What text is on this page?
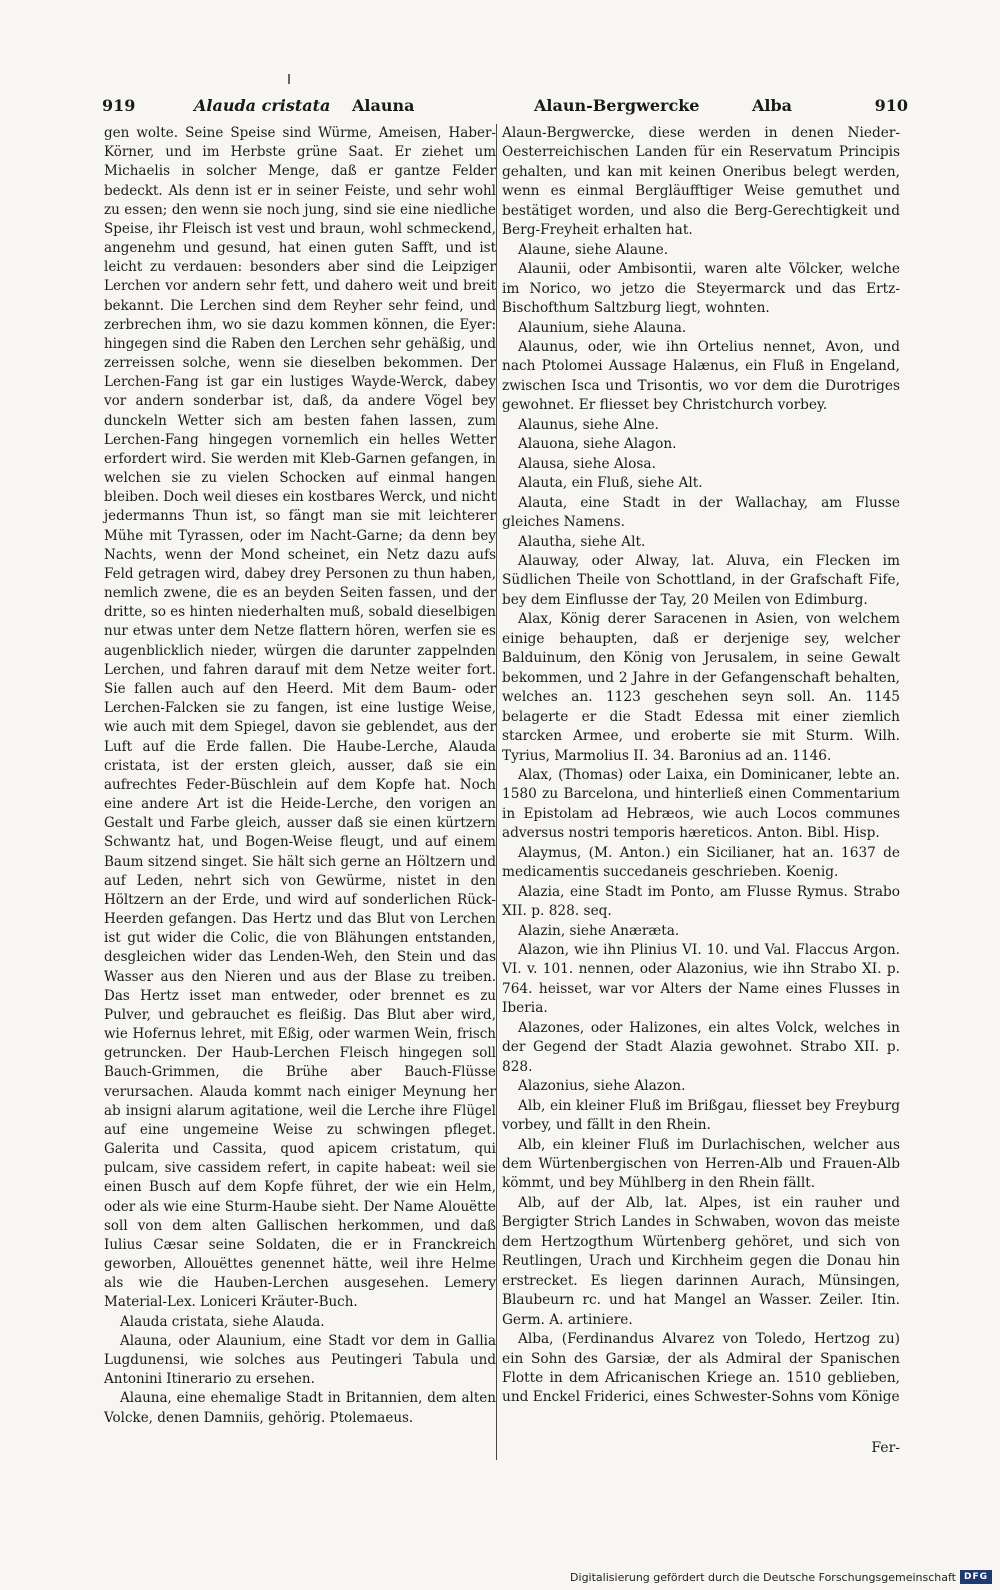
919	Alauda cristata Alauna	Alaun-Bergwercke	Alba	910

gen wolte. Seine Speise sind Würme, Ameisen, Haber-Körner, und im Herbste grüne Saat. Er ziehet um Michaelis in solcher Menge, daß er gantze Felder bedeckt. Als denn ist er in seiner Feiste, und sehr wohl zu essen; den wenn sie noch jung, sind sie eine niedliche Speise, ihr Fleisch ist vest und braun, wohl schmeckend, angenehm und gesund, hat einen guten Safft, und ist leicht zu verdauen: besonders aber sind die Leipziger Lerchen vor andern sehr fett, und dahero weit und breit bekannt. Die Lerchen sind dem Reyher sehr feind, und zerbrechen ihm, wo sie dazu kommen können, die Eyer: hingegen sind die Raben den Lerchen sehr gehäßig, und zerreissen solche, wenn sie dieselben bekommen. Der Lerchen-Fang ist gar ein lustiges Wayde-Werck, dabey vor andern sonderbar ist, daß, da andere Vögel bey dunckeln Wetter sich am besten fahen lassen, zum Lerchen-Fang hingegen vornemlich ein helles Wetter erfordert wird. Sie werden mit Kleb-Garnen gefangen, in welchen sie zu vielen Schocken auf einmal hangen bleiben. Doch weil dieses ein kostbares Werck, und nicht jedermanns Thun ist, so fängt man sie mit leichterer Mühe mit Tyrassen, oder im Nacht-Garne; da denn bey Nachts, wenn der Mond scheinet, ein Netz dazu aufs Feld getragen wird, dabey drey Personen zu thun haben, nemlich zwene, die es an beyden Seiten fassen, und der dritte, so es hinten niederhalten muß, sobald dieselbigen nur etwas unter dem Netze flattern hören, werfen sie es augenblicklich nieder, würgen die darunter zappelnden Lerchen, und fahren darauf mit dem Netze weiter fort. Sie fallen auch auf den Heerd. Mit dem Baum- oder Lerchen-Falcken sie zu fangen, ist eine lustige Weise, wie auch mit dem Spiegel, davon sie geblendet, aus der Luft auf die Erde fallen. Die Haube-Lerche, Alauda cristata, ist der ersten gleich, ausser, daß sie ein aufrechtes Feder-Büschlein auf dem Kopfe hat. Noch eine andere Art ist die Heide-Lerche, den vorigen an Gestalt und Farbe gleich, ausser daß sie einen kürtzern Schwantz hat, und Bogen-Weise fleugt, und auf einem Baum sitzend singet. Sie hält sich gerne an Höltzern und auf Leden, nehrt sich von Gewürme, nistet in den Höltzern an der Erde, und wird auf sonderlichen Rück-Heerden gefangen. Das Hertz und das Blut von Lerchen ist gut wider die Colic, die von Blähungen entstanden, desgleichen wider das Lenden-Weh, den Stein und das Wasser aus den Nieren und aus der Blase zu treiben. Das Hertz isset man entweder, oder brennet es zu Pulver, und gebrauchet es fleißig. Das Blut aber wird, wie Hofernus lehret, mit Eßig, oder warmen Wein, frisch getruncken. Der Haub-Lerchen Fleisch hingegen soll Bauch-Grimmen, die Brühe aber Bauch-Flüsse verursachen. Alauda kommt nach einiger Meynung her ab insigni alarum agitatione, weil die Lerche ihre Flügel auf eine ungemeine Weise zu schwingen pfleget. Galerita und Cassita, quod apicem cristatum, qui pulcam, sive cassidem refert, in capite habeat: weil sie einen Busch auf dem Kopfe führet, der wie ein Helm, oder als wie eine Sturm-Haube sieht. Der Name Alouëtte soll von dem alten Gallischen herkommen, und daß Iulius Cæsar seine Soldaten, die er in Franckreich geworben, Allouëttes genennet hätte, weil ihre Helme als wie die Hauben-Lerchen ausgesehen. Lemery Material-Lex. Loniceri Kräuter-Buch.

Alauda cristata, siehe Alauda.

Alauna, oder Alaunium, eine Stadt vor dem in Gallia Lugdunensi, wie solches aus Peutingeri Tabula und Antonini Itinerario zu ersehen.

Alauna, eine ehemalige Stadt in Britannien, dem alten Volcke, denen Damniis, gehörig. Ptolemaeus.

Alaun-Bergwercke, diese werden in denen Nieder-Oesterreichischen Landen für ein Reservatum Principis gehalten, und kan mit keinen Oneribus belegt werden, wenn es einmal Bergläufftiger Weise gemuthet und bestätiget worden, und also die Berg-Gerechtigkeit und Berg-Freyheit erhalten hat.

Alaune, siehe Alaune.

Alaunii, oder Ambisontii, waren alte Völcker, welche im Norico, wo jetzo die Steyermarck und das Ertz-Bischofthum Saltzburg liegt, wohnten.

Alaunium, siehe Alauna.

Alaunus, oder, wie ihn Ortelius nennet, Avon, und nach Ptolomei Aussage Halænus, ein Fluß in Engeland, zwischen Isca und Trisontis, wo vor dem die Durotriges gewohnet. Er fliesset bey Christchurch vorbey.

Alaunus, siehe Alne.

Alauona, siehe Alagon.

Alausa, siehe Alosa.

Alauta, ein Fluß, siehe Alt.

Alauta, eine Stadt in der Wallachay, am Flusse gleiches Namens.

Alautha, siehe Alt.

Alauway, oder Alway, lat. Aluva, ein Flecken im Südlichen Theile von Schottland, in der Grafschaft Fife, bey dem Einflusse der Tay, 20 Meilen von Edimburg.

Alax, König derer Saracenen in Asien, von welchem einige behaupten, daß er derjenige sey, welcher Balduinum, den König von Jerusalem, in seine Gewalt bekommen, und 2 Jahre in der Gefangenschaft behalten, welches an. 1123 geschehen seyn soll. An. 1145 belagerte er die Stadt Edessa mit einer ziemlich starcken Armee, und eroberte sie mit Sturm. Wilh. Tyrius, Marmolius II. 34. Baronius ad an. 1146.

Alax, (Thomas) oder Laixa, ein Dominicaner, lebte an. 1580 zu Barcelona, und hinterließ einen Commentarium in Epistolam ad Hebræos, wie auch Locos communes adversus nostri temporis hæreticos. Anton. Bibl. Hisp.

Alaymus, (M. Anton.) ein Sicilianer, hat an. 1637 de medicamentis succedaneis geschrieben. Koenig.

Alazia, eine Stadt im Ponto, am Flusse Rymus. Strabo XII. p. 828. seq.

Alazin, siehe Anæræta.

Alazon, wie ihn Plinius VI. 10. und Val. Flaccus Argon. VI. v. 101. nennen, oder Alazonius, wie ihn Strabo XI. p. 764. heisset, war vor Alters der Name eines Flusses in Iberia.

Alazones, oder Halizones, ein altes Volck, welches in der Gegend der Stadt Alazia gewohnet. Strabo XII. p. 828.

Alazonius, siehe Alazon.

Alb, ein kleiner Fluß im Brißgau, fliesset bey Freyburg vorbey, und fällt in den Rhein.

Alb, ein kleiner Fluß im Durlachischen, welcher aus dem Würtenbergischen von Herren-Alb und Frauen-Alb kömmt, und bey Mühlberg in den Rhein fällt.

Alb, auf der Alb, lat. Alpes, ist ein rauher und Bergigter Strich Landes in Schwaben, wovon das meiste dem Hertzogthum Würtenberg gehöret, und sich von Reutlingen, Urach und Kirchheim gegen die Donau hin erstrecket. Es liegen darinnen Aurach, Münsingen, Blaubeurn rc. und hat Mangel an Wasser. Zeiler. Itin. Germ. A. artiniere.

Alba, (Ferdinandus Alvarez von Toledo, Hertzog zu) ein Sohn des Garsiæ, der als Admiral der Spanischen Flotte in dem Africanischen Kriege an. 1510 geblieben, und Enckel Friderici, eines Schwester-Sohns vom Könige

Fer-
Digitalisierung gefördert durch die Deutsche Forschungsgemeinschaft DFG
